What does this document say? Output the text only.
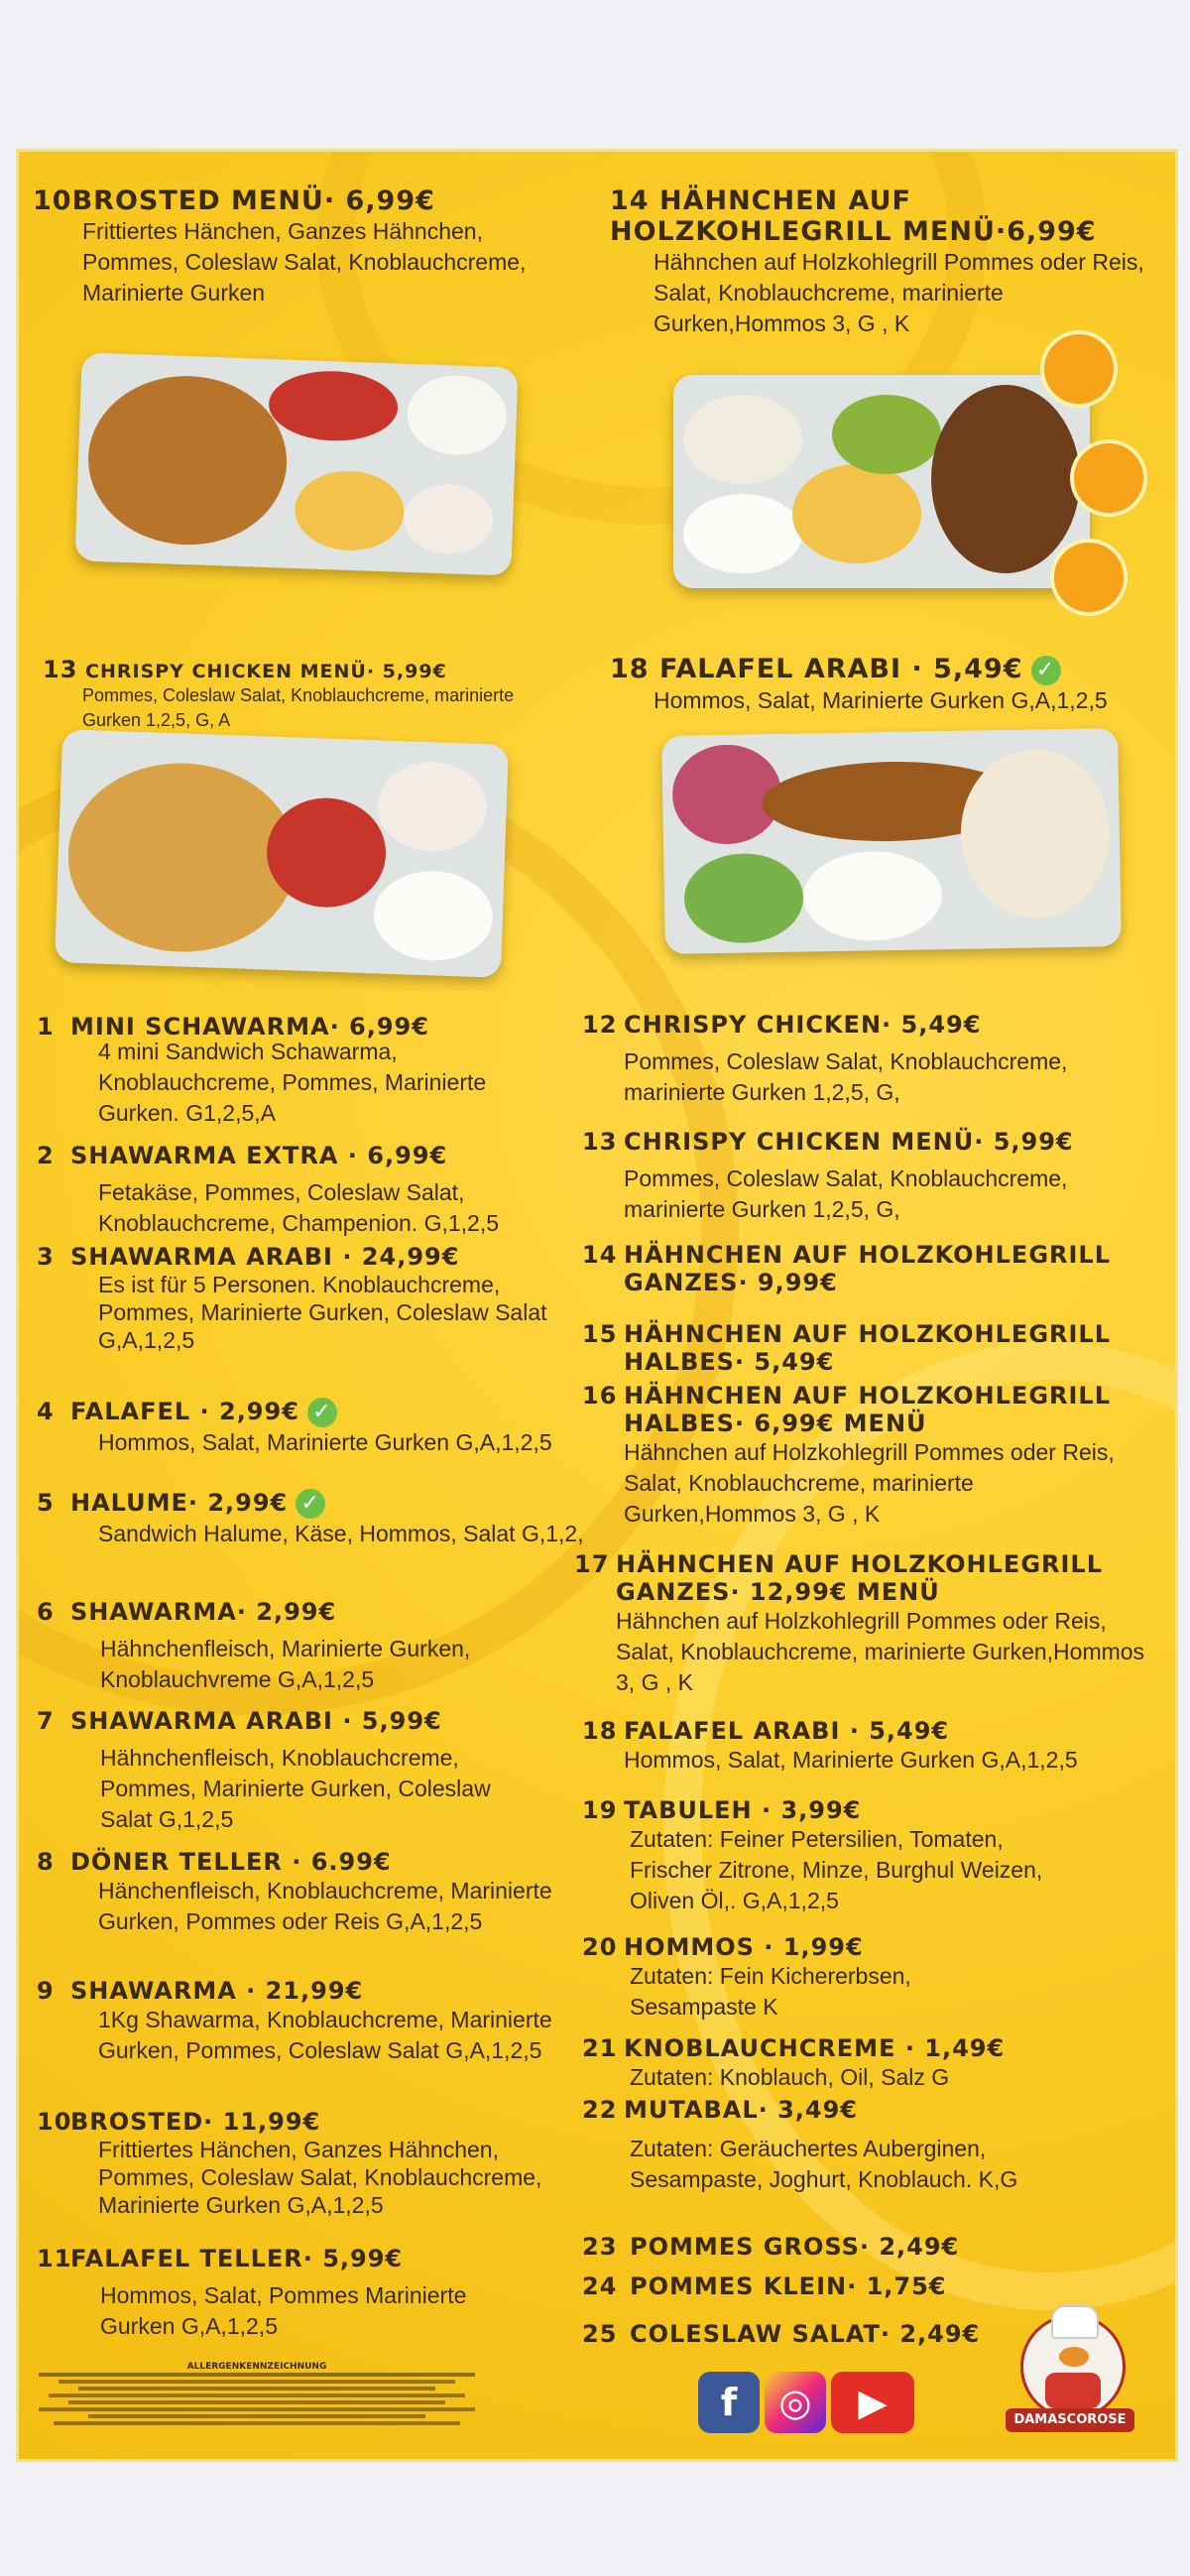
10BROSTED MENÜ· 6,99€
Frittiertes Hänchen, Ganzes Hähnchen, Pommes, Coleslaw Salat, Knoblauchcreme, Marinierte Gurken
14 HÄHNCHEN AUF HOLZKOHLEGRILL MENÜ·6,99€
Hähnchen auf Holzkohlegrill Pommes oder Reis, Salat, Knoblauchcreme, marinierte Gurken,Hommos 3, G , K
13 CHRISPY CHICKEN MENÜ· 5,99€
Pommes, Coleslaw Salat, Knoblauchcreme, marinierte Gurken 1,2,5, G, A
18 FALAFEL ARABI · 5,49€ ✓
Hommos, Salat, Marinierte Gurken G,A,1,2,5
1 MINI SCHAWARMA· 6,99€
4 mini Sandwich Schawarma, Knoblauchcreme, Pommes, Marinierte Gurken. G1,2,5,A
2 SHAWARMA EXTRA · 6,99€
Fetakäse, Pommes, Coleslaw Salat, Knoblauchcreme, Champenion. G,1,2,5
3 SHAWARMA ARABI · 24,99€
Es ist für 5 Personen. Knoblauchcreme, Pommes, Marinierte Gurken, Coleslaw Salat G,A,1,2,5
4 FALAFEL · 2,99€ ✓
Hommos, Salat, Marinierte Gurken G,A,1,2,5
5 HALUME· 2,99€ ✓
Sandwich Halume, Käse, Hommos, Salat G,1,2,
6 SHAWARMA· 2,99€
Hähnchenfleisch, Marinierte Gurken, Knoblauchvreme G,A,1,2,5
7 SHAWARMA ARABI · 5,99€
Hähnchenfleisch, Knoblauchcreme, Pommes, Marinierte Gurken, Coleslaw Salat G,1,2,5
8 DÖNER TELLER · 6.99€
Hänchenfleisch, Knoblauchcreme, Marinierte Gurken, Pommes oder Reis G,A,1,2,5
9 SHAWARMA · 21,99€
1Kg Shawarma, Knoblauchcreme, Marinierte Gurken, Pommes, Coleslaw Salat G,A,1,2,5
10BROSTED· 11,99€
Frittiertes Hänchen, Ganzes Hähnchen, Pommes, Coleslaw Salat, Knoblauchcreme, Marinierte Gurken G,A,1,2,5
11FALAFEL TELLER· 5,99€
Hommos, Salat, Pommes Marinierte Gurken G,A,1,2,5
12 CHRISPY CHICKEN· 5,49€
Pommes, Coleslaw Salat, Knoblauchcreme, marinierte Gurken 1,2,5, G,
13 CHRISPY CHICKEN MENÜ· 5,99€
Pommes, Coleslaw Salat, Knoblauchcreme, marinierte Gurken 1,2,5, G,
14 HÄHNCHEN AUF HOLZKOHLEGRILL GANZES· 9,99€
15 HÄHNCHEN AUF HOLZKOHLEGRILL HALBES· 5,49€
16 HÄHNCHEN AUF HOLZKOHLEGRILL HALBES· 6,99€ MENÜ
Hähnchen auf Holzkohlegrill Pommes oder Reis, Salat, Knoblauchcreme, marinierte Gurken,Hommos 3, G , K
17 HÄHNCHEN AUF HOLZKOHLEGRILL GANZES· 12,99€ MENÜ
Hähnchen auf Holzkohlegrill Pommes oder Reis, Salat, Knoblauchcreme, marinierte Gurken,Hommos 3, G , K
18 FALAFEL ARABI · 5,49€
Hommos, Salat, Marinierte Gurken G,A,1,2,5
19 TABULEH · 3,99€
Zutaten: Feiner Petersilien, Tomaten, Frischer Zitrone, Minze, Burghul Weizen, Oliven Öl,. G,A,1,2,5
20 HOMMOS · 1,99€
Zutaten: Fein Kichererbsen, Sesampaste K
21 KNOBLAUCHCREME · 1,49€
Zutaten: Knoblauch, Oil, Salz G
22 MUTABAL· 3,49€
Zutaten: Geräuchertes Auberginen, Sesampaste, Joghurt, Knoblauch. K,G
23 POMMES GROSS· 2,49€
24 POMMES KLEIN· 1,75€
25 COLESLAW SALAT· 2,49€
ALLERGENKENNZEICHNUNG
f	◎	▶	DAMASCOROSE
